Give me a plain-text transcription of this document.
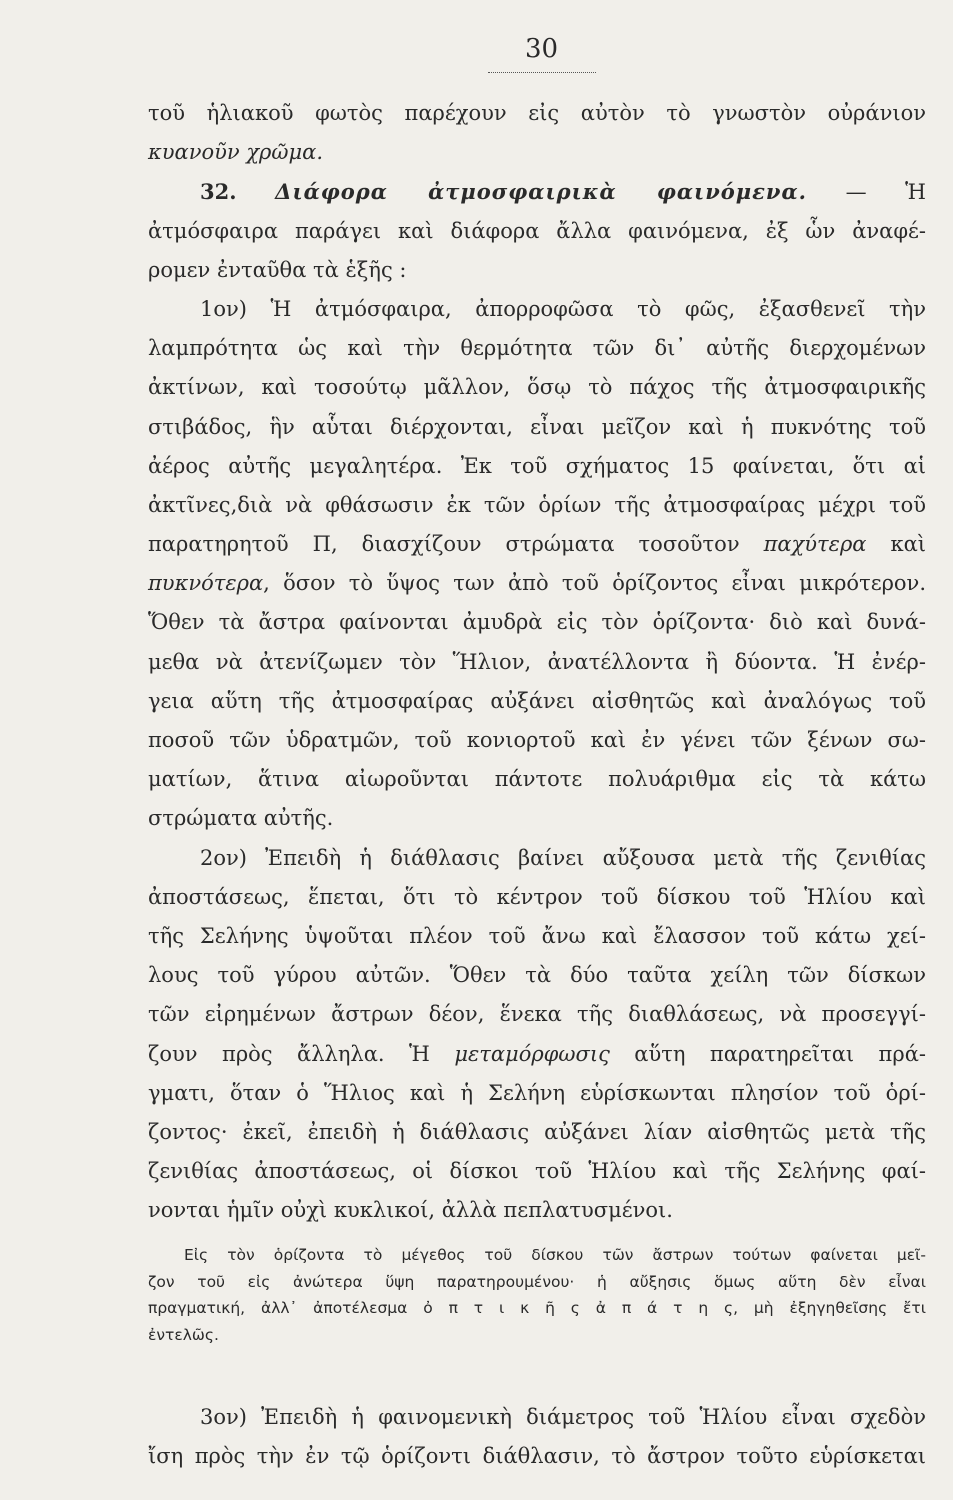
30
τοῦ ἡλιακοῦ φωτὸς παρέχουν εἰς αὐτὸν τὸ γνωστὸν οὐράνιον
κυανοῦν χρῶμα.
32. Διάφορα ἀτμοσφαιρικὰ φαινόμενα. — Ἡ
ἀτμόσφαιρα παράγει καὶ διάφορα ἄλλα φαινόμενα, ἐξ ὧν ἀναφέ-
ρομεν ἐνταῦθα τὰ ἑξῆς :
1ον) Ἡ ἀτμόσφαιρα, ἀπορροφῶσα τὸ φῶς, ἐξασθενεῖ τὴν
λαμπρότητα ὡς καὶ τὴν θερμότητα τῶν δι᾿ αὐτῆς διερχομένων
ἀκτίνων, καὶ τοσούτῳ μᾶλλον, ὅσῳ τὸ πάχος τῆς ἀτμοσφαιρικῆς
στιβάδος, ἣν αὗται διέρχονται, εἶναι μεῖζον καὶ ἡ πυκνότης τοῦ
ἀέρος αὐτῆς μεγαλητέρα. Ἐκ τοῦ σχήματος 15 φαίνεται, ὅτι αἱ
ἀκτῖνες,διὰ νὰ φθάσωσιν ἐκ τῶν ὁρίων τῆς ἀτμοσφαίρας μέχρι τοῦ
παρατηρητοῦ Π, διασχίζουν στρώματα τοσοῦτον παχύτερα καὶ
πυκνότερα, ὅσον τὸ ὕψος των ἀπὸ τοῦ ὁρίζοντος εἶναι μικρότερον.
Ὅθεν τὰ ἄστρα φαίνονται ἀμυδρὰ εἰς τὸν ὁρίζοντα· διὸ καὶ δυνά-
μεθα νὰ ἀτενίζωμεν τὸν Ἥλιον, ἀνατέλλοντα ἢ δύοντα. Ἡ ἐνέρ-
γεια αὕτη τῆς ἀτμοσφαίρας αὐξάνει αἰσθητῶς καὶ ἀναλόγως τοῦ
ποσοῦ τῶν ὑδρατμῶν, τοῦ κονιορτοῦ καὶ ἐν γένει τῶν ξένων σω-
ματίων, ἅτινα αἰωροῦνται πάντοτε πολυάριθμα εἰς τὰ κάτω
στρώματα αὐτῆς.
2ον) Ἐπειδὴ ἡ διάθλασις βαίνει αὔξουσα μετὰ τῆς ζενιθίας
ἀποστάσεως, ἕπεται, ὅτι τὸ κέντρον τοῦ δίσκου τοῦ Ἡλίου καὶ
τῆς Σελήνης ὑψοῦται πλέον τοῦ ἄνω καὶ ἔλασσον τοῦ κάτω χεί-
λους τοῦ γύρου αὐτῶν. Ὅθεν τὰ δύο ταῦτα χείλη τῶν δίσκων
τῶν εἰρημένων ἄστρων δέον, ἕνεκα τῆς διαθλάσεως, νὰ προσεγγί-
ζουν πρὸς ἄλληλα. Ἡ μεταμόρφωσις αὕτη παρατηρεῖται πρά-
γματι, ὅταν ὁ Ἥλιος καὶ ἡ Σελήνη εὑρίσκωνται πλησίον τοῦ ὁρί-
ζοντος· ἐκεῖ, ἐπειδὴ ἡ διάθλασις αὐξάνει λίαν αἰσθητῶς μετὰ τῆς
ζενιθίας ἀποστάσεως, οἱ δίσκοι τοῦ Ἡλίου καὶ τῆς Σελήνης φαί-
νονται ἡμῖν οὐχὶ κυκλικοί, ἀλλὰ πεπλατυσμένοι.
Εἰς τὸν ὁρίζοντα τὸ μέγεθος τοῦ δίσκου τῶν ἄστρων τούτων φαίνεται μεῖ-
ζον τοῦ εἰς ἀνώτερα ὕψη παρατηρουμένου· ἡ αὔξησις ὅμως αὕτη δὲν εἶναι
πραγματική, ἀλλ᾿ ἀποτέλεσμα ὀ π τ ι κ ῆ ς ἀ π ά τ η ς, μὴ ἐξηγηθεῖσης ἔτι
ἐντελῶς.
3ον) Ἐπειδὴ ἡ φαινομενικὴ διάμετρος τοῦ Ἡλίου εἶναι σχεδὸν
ἴση πρὸς τὴν ἐν τῷ ὁρίζοντι διάθλασιν, τὸ ἄστρον τοῦτο εὑρίσκεται
